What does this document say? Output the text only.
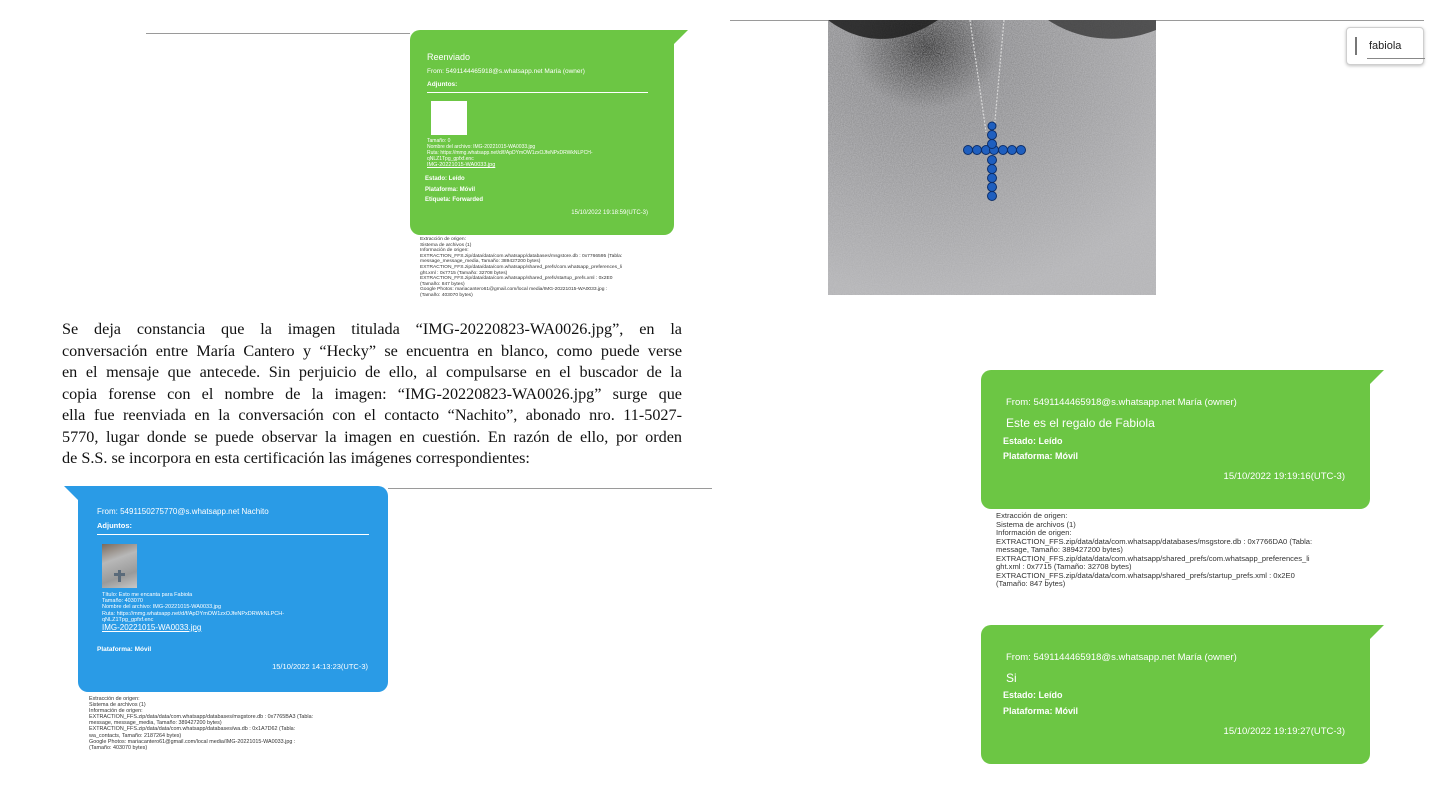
Reenviado
From: 5491144465918@s.whatsapp.net María (owner)
Adjuntos:
Tamaño: 0
Nombre del archivo: IMG-20221015-WA0033.jpg
Ruta: https://mmg.whatsapp.net/d/f/ApDYmOW1zxOJfeNPxDRWkNLPCH-
qNLZ1Tpg_gpfxf.enc
IMG-20221015-WA0033.jpg
Estado: Leído
Plataforma: Móvil
Etiqueta: Forwarded
15/10/2022 19:18:59(UTC-3)
Extracción de origen:
Sistema de archivos (1)
Información de origen:
EXTRACTION_FFS.zip/data/data/com.whatsapp/databases/msgstore.db : 0x7766595 (Tabla:
message_message_media, Tamaño: 389427200 bytes)
EXTRACTION_FFS.zip/data/data/com.whatsapp/shared_prefs/com.whatsapp_preferences_li
ght.xml : 0x7715 (Tamaño: 32708 bytes)
EXTRACTION_FFS.zip/data/data/com.whatsapp/shared_prefs/startup_prefs.xml : 0x2E0
(Tamaño: 847 bytes)
Google Photos: mariacantero61@gmail.com/local media/IMG-20221015-WA0033.jpg :
(Tamaño: 403070 bytes)
Se deja constancia que la imagen titulada “IMG-20220823-WA0026.jpg”, en la
conversación entre María Cantero y “Hecky” se encuentra en blanco, como puede verse
en el mensaje que antecede. Sin perjuicio de ello, al compulsarse en el buscador de la
copia forense con el nombre de la imagen: “IMG-20220823-WA0026.jpg” surge que
ella fue reenviada en la conversación con el contacto “Nachito”, abonado nro. 11-5027-
5770, lugar donde se puede observar la imagen en cuestión. En razón de ello, por orden
de S.S. se incorpora en esta certificación las imágenes correspondientes:
From: 5491150275770@s.whatsapp.net Nachito
Adjuntos:
Título: Esto me encanta para Fabiola
Tamaño: 403070
Nombre del archivo: IMG-20221015-WA0033.jpg
Ruta: https://mmg.whatsapp.net/d/f/ApDYmOW1zxOJfeNPxDRWkNLPCH-
qNLZ1Tpg_gpfxf.enc
IMG-20221015-WA0033.jpg
Plataforma: Móvil
15/10/2022 14:13:23(UTC-3)
Extracción de origen:
Sistema de archivos (1)
Información de origen:
EXTRACTION_FFS.zip/data/data/com.whatsapp/databases/msgstore.db : 0x7765BA3 (Tabla:
message, message_media, Tamaño: 389427200 bytes)
EXTRACTION_FFS.zip/data/data/com.whatsapp/databases/wa.db : 0x1A7D62 (Tabla:
wa_contacts, Tamaño: 2187264 bytes)
Google Photos: mariacantero61@gmail.com/local media/IMG-20221015-WA0033.jpg :
(Tamaño: 403070 bytes)
fabiola
From: 5491144465918@s.whatsapp.net María (owner)
Este es el regalo de Fabiola
Estado: Leído
Plataforma: Móvil
15/10/2022 19:19:16(UTC-3)
Extracción de origen:
Sistema de archivos (1)
Información de origen:
EXTRACTION_FFS.zip/data/data/com.whatsapp/databases/msgstore.db : 0x7766DA0 (Tabla:
message, Tamaño: 389427200 bytes)
EXTRACTION_FFS.zip/data/data/com.whatsapp/shared_prefs/com.whatsapp_preferences_li
ght.xml : 0x7715 (Tamaño: 32708 bytes)
EXTRACTION_FFS.zip/data/data/com.whatsapp/shared_prefs/startup_prefs.xml : 0x2E0
(Tamaño: 847 bytes)
From: 5491144465918@s.whatsapp.net María (owner)
Si
Estado: Leído
Plataforma: Móvil
15/10/2022 19:19:27(UTC-3)
